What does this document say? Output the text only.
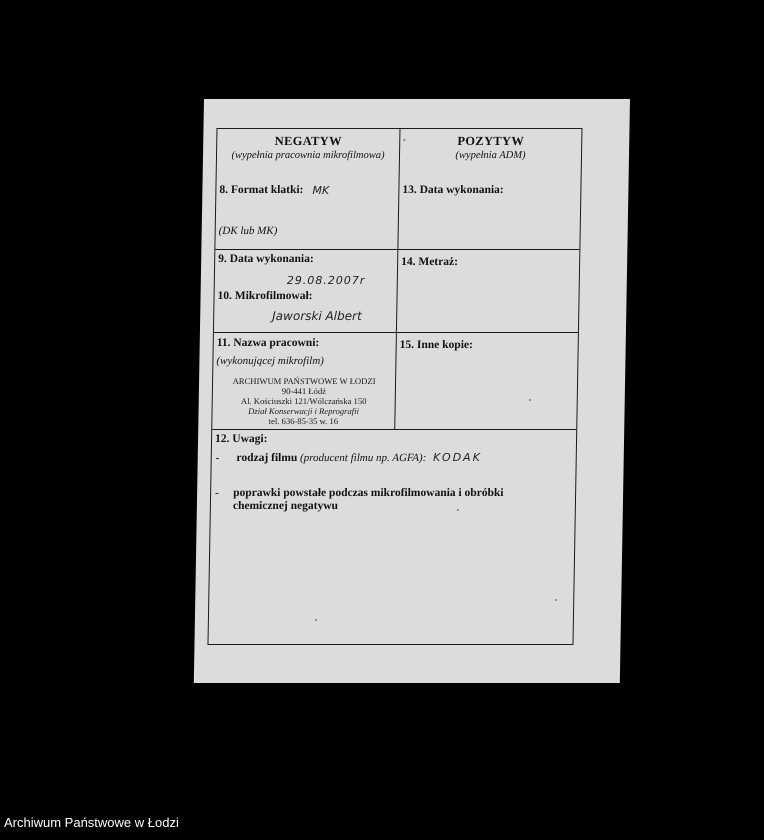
NEGATYW
(wypełnia pracownia mikrofilmowa)
8. Format klatki: MK
(DK lub MK)
POZYTYW
(wypełnia ADM)
13. Data wykonania:
9. Data wykonania:
29.08.2007r
10. Mikrofilmował:
Jaworski Albert
14. Metraż:
11. Nazwa pracowni:
(wykonującej mikrofilm)
ARCHIWUM PAŃSTWOWE W ŁODZI
90-441 Łódź
Al. Kościuszki 121/Wólczańska 150
Dział Konserwacji i Reprografii
tel. 636-85-35 w. 16
15. Inne kopie:
12. Uwagi:
- rodzaj filmu (producent filmu np. AGFA): KODAK
-	poprawki powstałe podczas mikrofilmowania i obróbki chemicznej negatywu
Archiwum Państwowe w Łodzi
